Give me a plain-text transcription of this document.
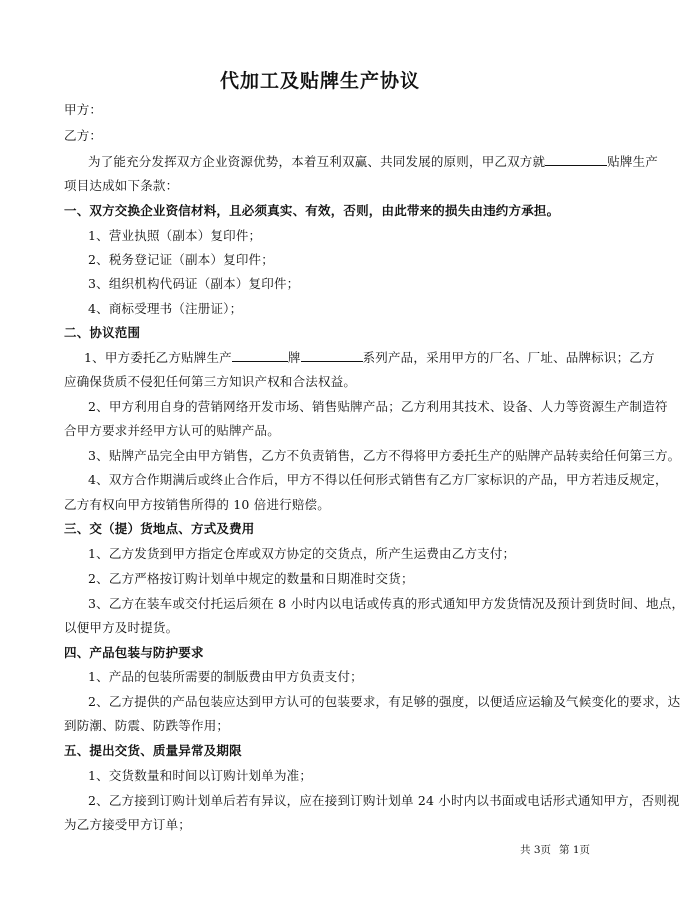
代加工及贴牌生产协议
甲方：
乙方：
为了能充分发挥双方企业资源优势，本着互利双赢、共同发展的原则，甲乙双方就	贴牌生产
项目达成如下条款：
一、双方交换企业资信材料，且必须真实、有效，否则，由此带来的损失由违约方承担。
1、营业执照（副本）复印件；
2、税务登记证（副本）复印件；
3、组织机构代码证（副本）复印件；
4、商标受理书（注册证）；
二、协议范围
1、甲方委托乙方贴牌生产	牌	系列产品，采用甲方的厂名、厂址、品牌标识；乙方
应确保货质不侵犯任何第三方知识产权和合法权益。
2、甲方利用自身的营销网络开发市场、销售贴牌产品；乙方利用其技术、设备、人力等资源生产制造符
合甲方要求并经甲方认可的贴牌产品。
3、贴牌产品完全由甲方销售，乙方不负责销售，乙方不得将甲方委托生产的贴牌产品转卖给任何第三方。
4、双方合作期满后或终止合作后，甲方不得以任何形式销售有乙方厂家标识的产品，甲方若违反规定，
乙方有权向甲方按销售所得的 10 倍进行赔偿。
三、交（提）货地点、方式及费用
1、乙方发货到甲方指定仓库或双方协定的交货点，所产生运费由乙方支付；
2、乙方严格按订购计划单中规定的数量和日期准时交货；
3、乙方在装车或交付托运后须在 8 小时内以电话或传真的形式通知甲方发货情况及预计到货时间、地点，
以便甲方及时提货。
四、产品包装与防护要求
1、产品的包装所需要的制版费由甲方负责支付；
2、乙方提供的产品包装应达到甲方认可的包装要求，有足够的强度，以便适应运输及气候变化的要求，达
到防潮、防震、防跌等作用；
五、提出交货、质量异常及期限
1、交货数量和时间以订购计划单为准；
2、乙方接到订购计划单后若有异议，应在接到订购计划单 24 小时内以书面或电话形式通知甲方，否则视
为乙方接受甲方订单；
共 3页 第 1页
